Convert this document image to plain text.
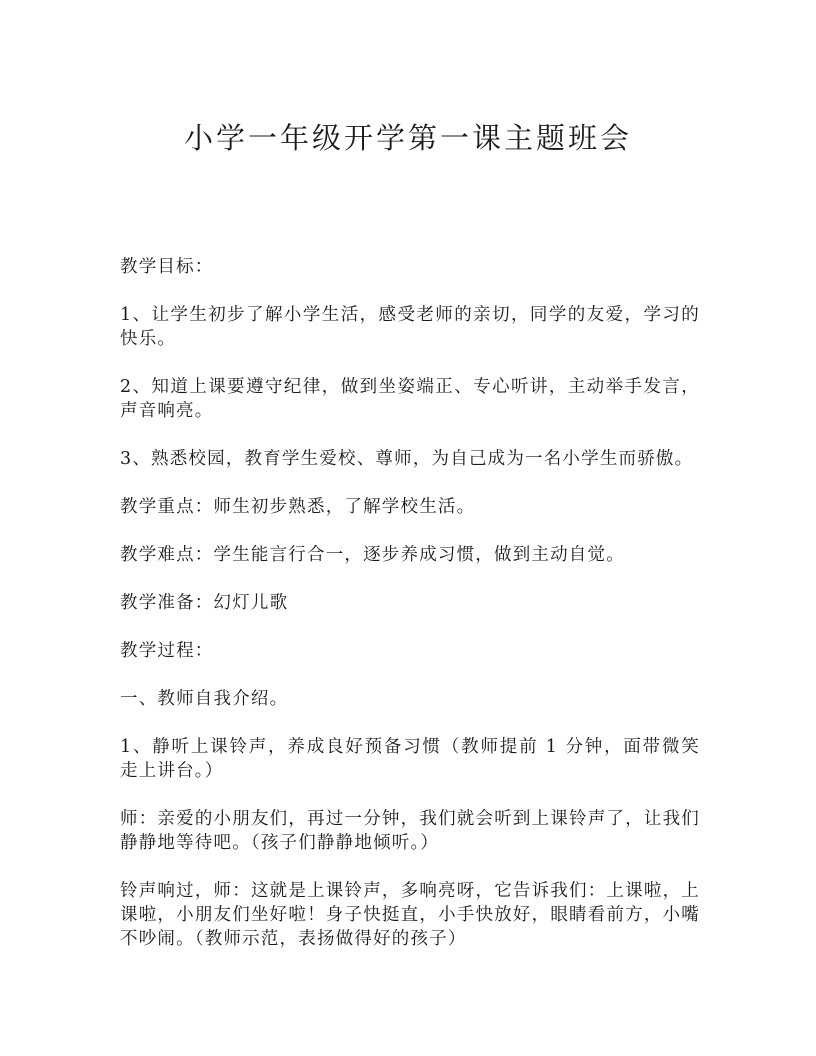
小学一年级开学第一课主题班会

教学目标：

1、让学生初步了解小学生活，感受老师的亲切，同学的友爱，学习的快乐。

2、知道上课要遵守纪律，做到坐姿端正、专心听讲，主动举手发言，声音响亮。

3、熟悉校园，教育学生爱校、尊师，为自己成为一名小学生而骄傲。

教学重点：师生初步熟悉，了解学校生活。

教学难点：学生能言行合一，逐步养成习惯，做到主动自觉。

教学准备：幻灯儿歌

教学过程：

一、教师自我介绍。

1、静听上课铃声，养成良好预备习惯（教师提前 1 分钟，面带微笑走上讲台。）

师：亲爱的小朋友们，再过一分钟，我们就会听到上课铃声了，让我们静静地等待吧。（孩子们静静地倾听。）

铃声响过，师：这就是上课铃声，多响亮呀，它告诉我们：上课啦，上课啦，小朋友们坐好啦！身子快挺直，小手快放好，眼睛看前方，小嘴不吵闹。（教师示范，表扬做得好的孩子）
